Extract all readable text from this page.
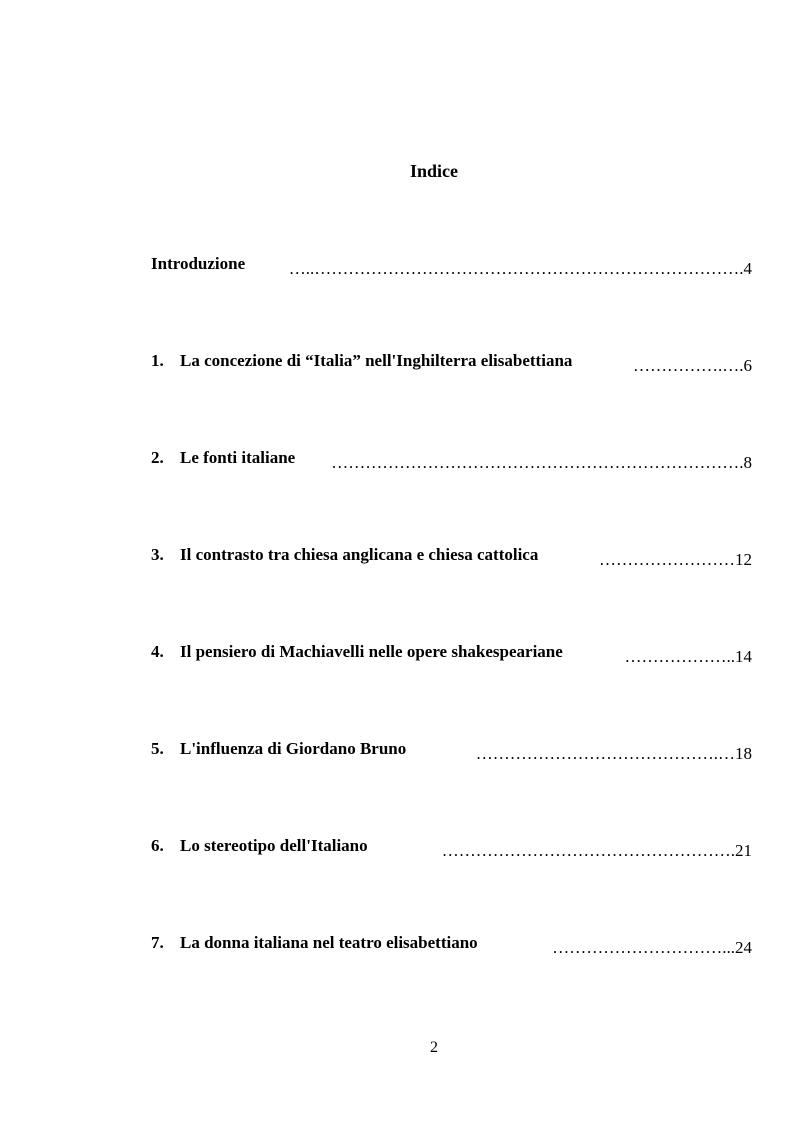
Indice
Introduzione	…..………………………………………………………………….4
1. La concezione di “Italia” nell'Inghilterra elisabettiana	…………….….6
2. Le fonti italiane ……………………………………………………………….8
3. Il contrasto tra chiesa anglicana e chiesa cattolica	……………………12
4. Il pensiero di Machiavelli nelle opere shakespeariane	………………..14
5. L'influenza di Giordano Bruno	…………………………………….…18
6. Lo stereotipo dell'Italiano	…………………………………………….21
7. La donna italiana nel teatro elisabettiano	…………………………...24
2
